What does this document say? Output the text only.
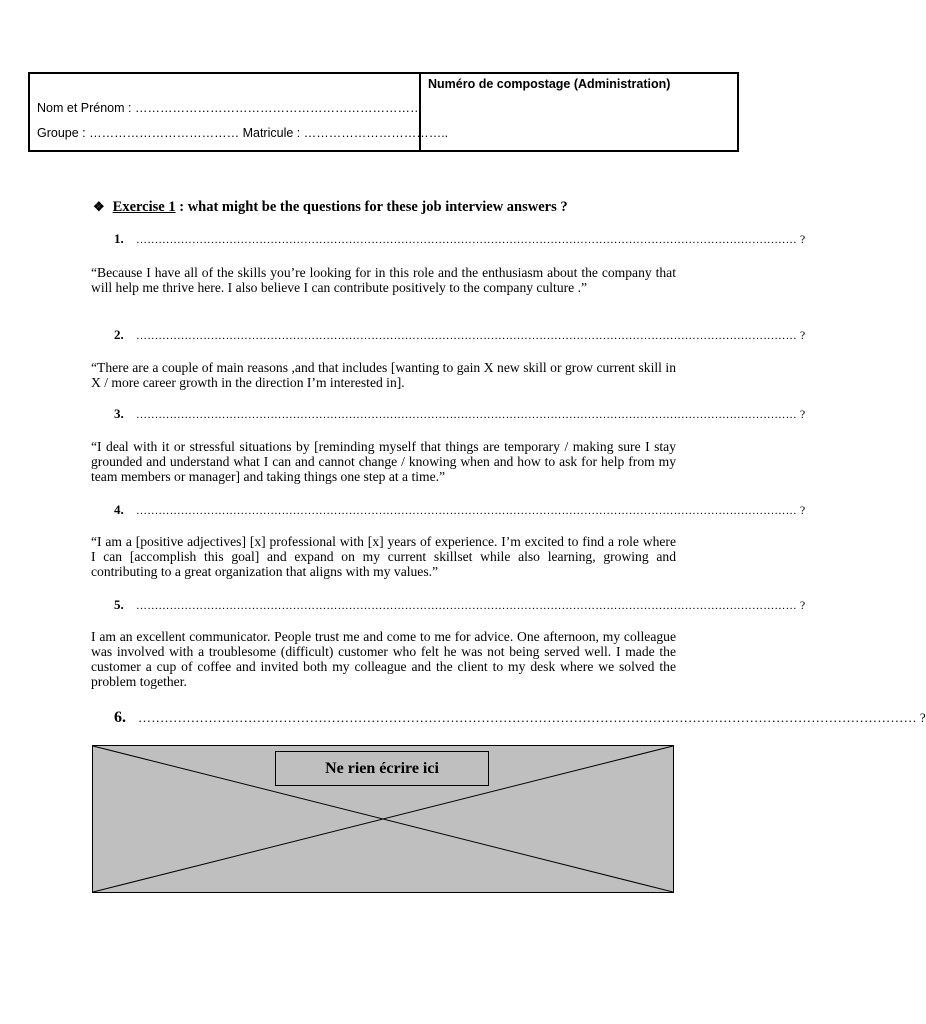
Nom et Prénom : ……………………………………………………………
Groupe : ……………………………… Matricule : ……………………………..
Numéro de compostage (Administration)
❖ Exercise 1 : what might be the questions for these job interview answers ?
1.	…………………………………………………………………………………………………………………………………………………………… ?
“Because I have all of the skills you’re looking for in this role and the enthusiasm about the company that will help me thrive here. I also believe I can contribute positively to the company culture .”
2.	…………………………………………………………………………………………………………………………………………………………… ?
“There are a couple of main reasons ,and that includes [wanting to gain X new skill or grow current skill in X / more career growth in the direction I’m interested in].
3.	…………………………………………………………………………………………………………………………………………………………… ?
“I deal with it or stressful situations by [reminding myself that things are temporary / making sure I stay grounded and understand what I can and cannot change / knowing when and how to ask for help from my team members or manager] and taking things one step at a time.”
4.	…………………………………………………………………………………………………………………………………………………………… ?
“I am a [positive adjectives] [x] professional with [x] years of experience. I’m excited to find a role where I can [accomplish this goal] and expand on my current skillset while also learning, growing and contributing to a great organization that aligns with my values.”
5.	…………………………………………………………………………………………………………………………………………………………… ?
I am an excellent communicator. People trust me and come to me for advice. One afternoon, my colleague was involved with a troublesome (difficult) customer who felt he was not being served well. I made the customer a cup of coffee and invited both my colleague and the client to my desk where we solved the problem together.
6. …………………………………………………………………………………………………………………………………………………………… ?
Ne rien écrire ici
